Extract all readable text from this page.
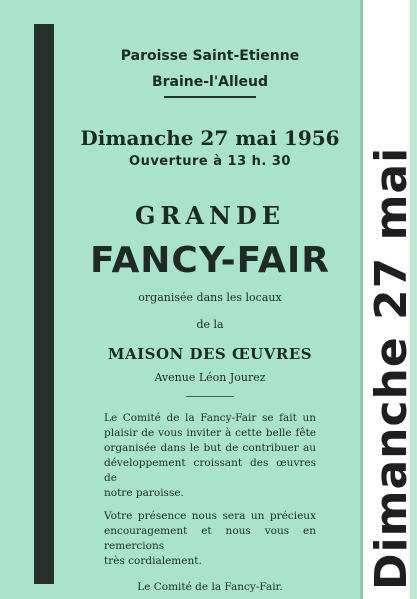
Paroisse Saint-Etienne
Braine-l'Alleud
Dimanche 27 mai 1956
Ouverture à 13 h. 30
GRANDE
FANCY-FAIR
organisée dans les locaux
de la
MAISON DES ŒUVRES
Avenue Léon Jourez
Le Comité de la Fancy-Fair se fait un
plaisir de vous inviter à cette belle fête
organisée dans le but de contribuer au
développement croissant des œuvres de
notre paroisse.
Votre présence nous sera un précieux
encouragement et nous vous en remercions
très cordialement.
Le Comité de la Fancy-Fair.	Dimanche 27 mai
